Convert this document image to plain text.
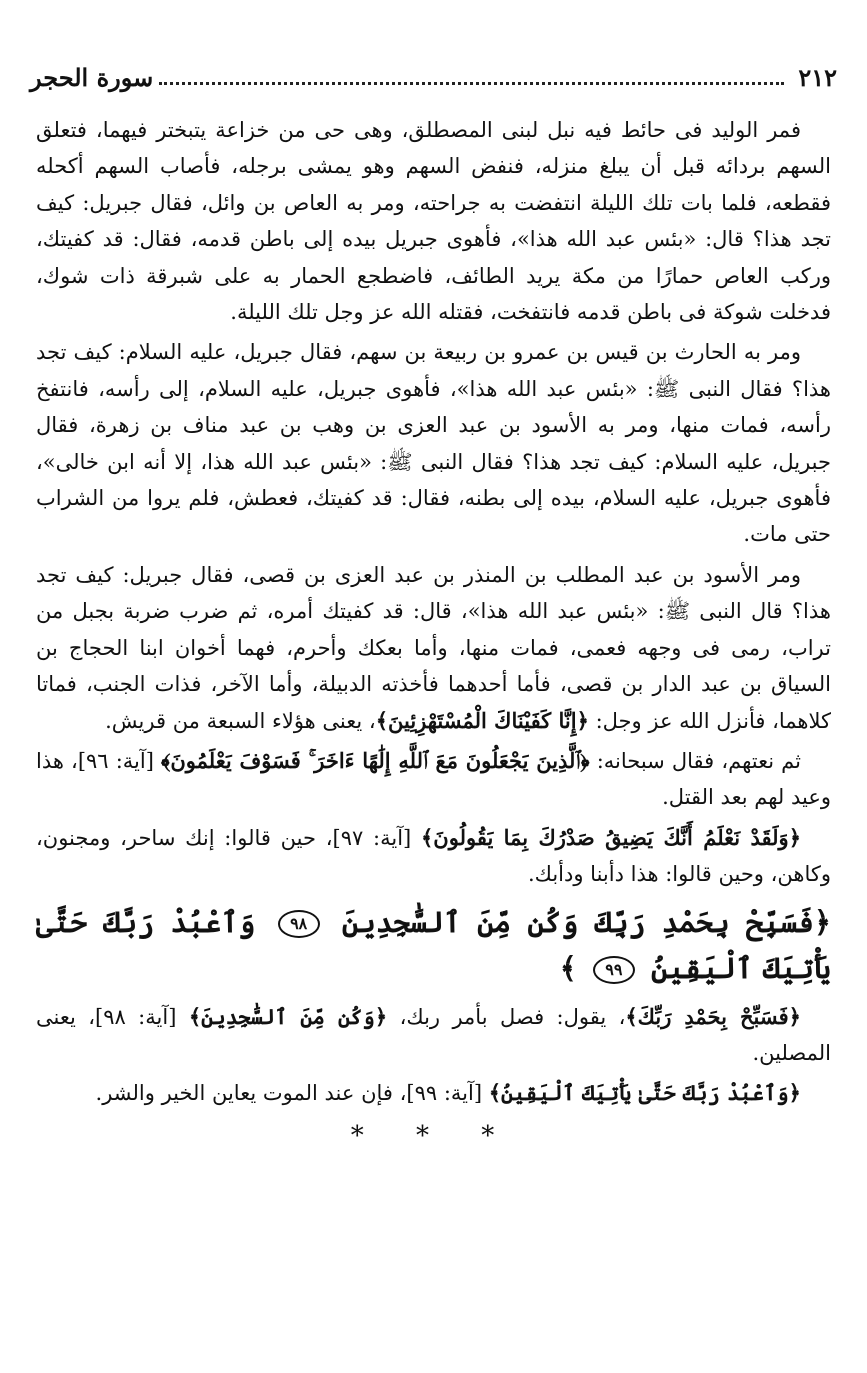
٢١٢
سورة الحجر

فمر الوليد فى حائط فيه نبل لبنى المصطلق، وهى حى من خزاعة يتبختر فيهما، فتعلق السهم بردائه قبل أن يبلغ منزله، فنفض السهم وهو يمشى برجله، فأصاب السهم أكحله فقطعه، فلما بات تلك الليلة انتفضت به جراحته، ومر به العاص بن وائل، فقال جبريل: كيف تجد هذا؟ قال: «بئس عبد الله هذا»، فأهوى جبريل بيده إلى باطن قدمه، فقال: قد كفيتك، وركب العاص حمارًا من مكة يريد الطائف، فاضطجع الحمار به على شبرقة ذات شوك، فدخلت شوكة فى باطن قدمه فانتفخت، فقتله الله عز وجل تلك الليلة.

ومر به الحارث بن قيس بن عمرو بن ربيعة بن سهم، فقال جبريل، عليه السلام: كيف تجد هذا؟ فقال النبى ﷺ: «بئس عبد الله هذا»، فأهوى جبريل، عليه السلام، إلى رأسه، فانتفخ رأسه، فمات منها، ومر به الأسود بن عبد العزى بن وهب بن عبد مناف بن زهرة، فقال جبريل، عليه السلام: كيف تجد هذا؟ فقال النبى ﷺ: «بئس عبد الله هذا، إلا أنه ابن خالى»، فأهوى جبريل، عليه السلام، بيده إلى بطنه، فقال: قد كفيتك، فعطش، فلم يروا من الشراب حتى مات.

ومر الأسود بن عبد المطلب بن المنذر بن عبد العزى بن قصى، فقال جبريل: كيف تجد هذا؟ قال النبى ﷺ: «بئس عبد الله هذا»، قال: قد كفيتك أمره، ثم ضرب ضربة بجبل من تراب، رمى فى وجهه فعمى، فمات منها، وأما بعكك وأحرم، فهما أخوان ابنا الحجاج بن السياق بن عبد الدار بن قصى، فأما أحدهما فأخذته الدبيلة، وأما الآخر، فذات الجنب، فماتا كلاهما، فأنزل الله عز وجل: ﴿إِنَّا كَفَيْنَاكَ الْمُسْتَهْزِئِينَ﴾، يعنى هؤلاء السبعة من قريش.

ثم نعتهم، فقال سبحانه: ﴿ٱلَّذِينَ يَجْعَلُونَ مَعَ ٱللَّهِ إِلَٰهًا ءَاخَرَ ۚ فَسَوْفَ يَعْلَمُونَ﴾ [آية: ٩٦]، هذا وعيد لهم بعد القتل.

﴿وَلَقَدْ نَعْلَمُ أَنَّكَ يَضِيقُ صَدْرُكَ بِمَا يَقُولُونَ﴾ [آية: ٩٧]، حين قالوا: إنك ساحر، ومجنون، وكاهن، وحين قالوا: هذا دأبنا ودأبك.

﴿فَسَبِّحْ بِحَمْدِ رَبِّكَ وَكُن مِّنَ ٱلسَّٰجِدِينَ ٩٨ وَٱعْبُدْ رَبَّكَ حَتَّىٰ يَأْتِيَكَ ٱلْيَقِينُ ٩٩ ﴾

﴿فَسَبِّحْ بِحَمْدِ رَبِّكَ﴾، يقول: فصل بأمر ربك، ﴿وَكُن مِّنَ ٱلسَّٰجِدِينَ﴾ [آية: ٩٨]، يعنى المصلين.

﴿وَٱعْبُدْ رَبَّكَ حَتَّىٰ يَأْتِيَكَ ٱلْيَقِينُ﴾ [آية: ٩٩]، فإن عند الموت يعاين الخير والشر.

* * *
